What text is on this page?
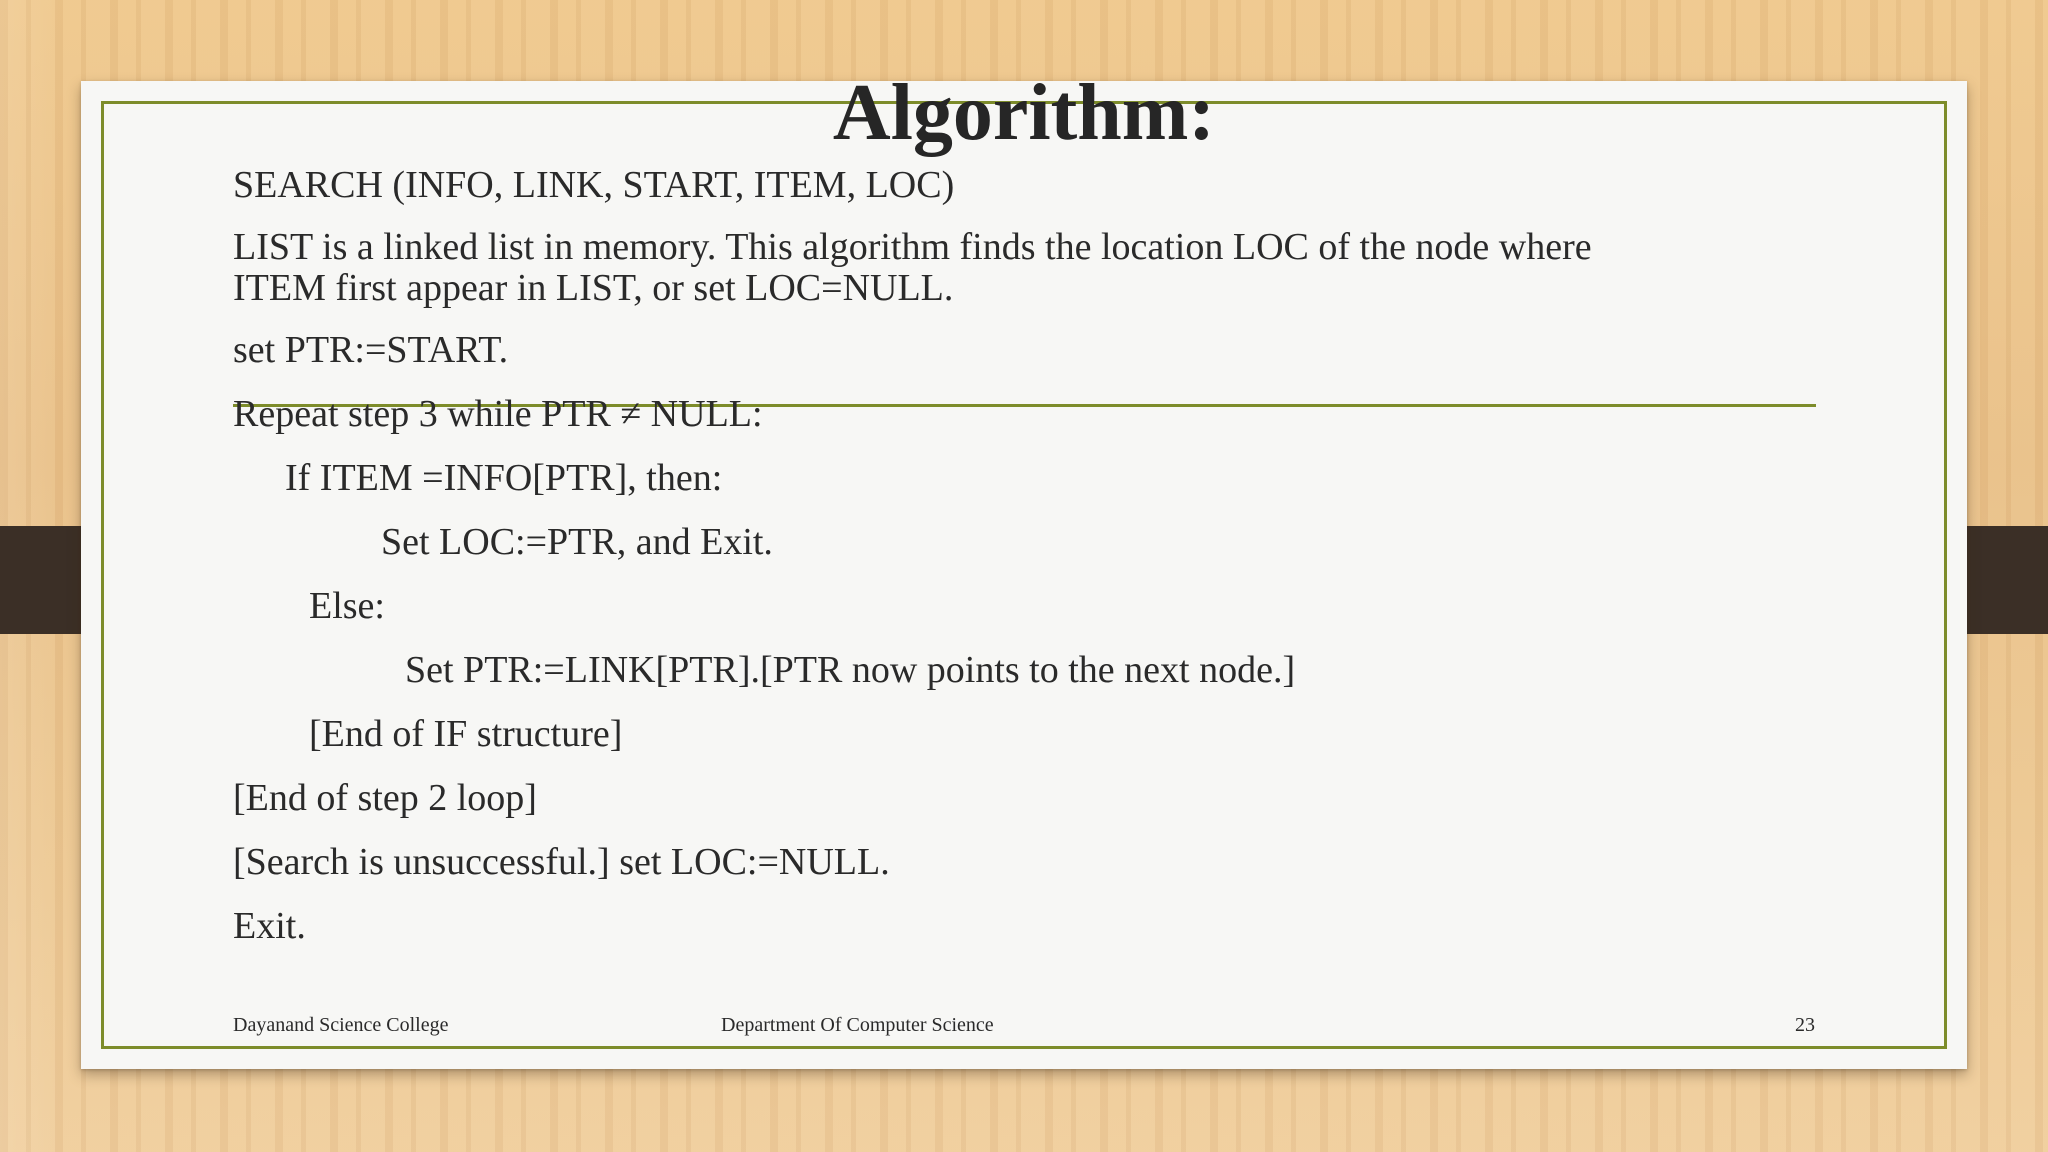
Algorithm:
SEARCH (INFO, LINK, START, ITEM, LOC)
LIST is a linked list in memory. This algorithm finds the location LOC of the node where
ITEM first appear in LIST, or set LOC=NULL.
set PTR:=START.
Repeat step 3 while PTR ≠ NULL:
If ITEM =INFO[PTR], then:
Set LOC:=PTR, and Exit.
Else:
Set PTR:=LINK[PTR].[PTR now points to the next node.]
[End of IF structure]
[End of step 2 loop]
[Search is unsuccessful.] set LOC:=NULL.
Exit.
Dayanand Science College	Department Of Computer Science	23
